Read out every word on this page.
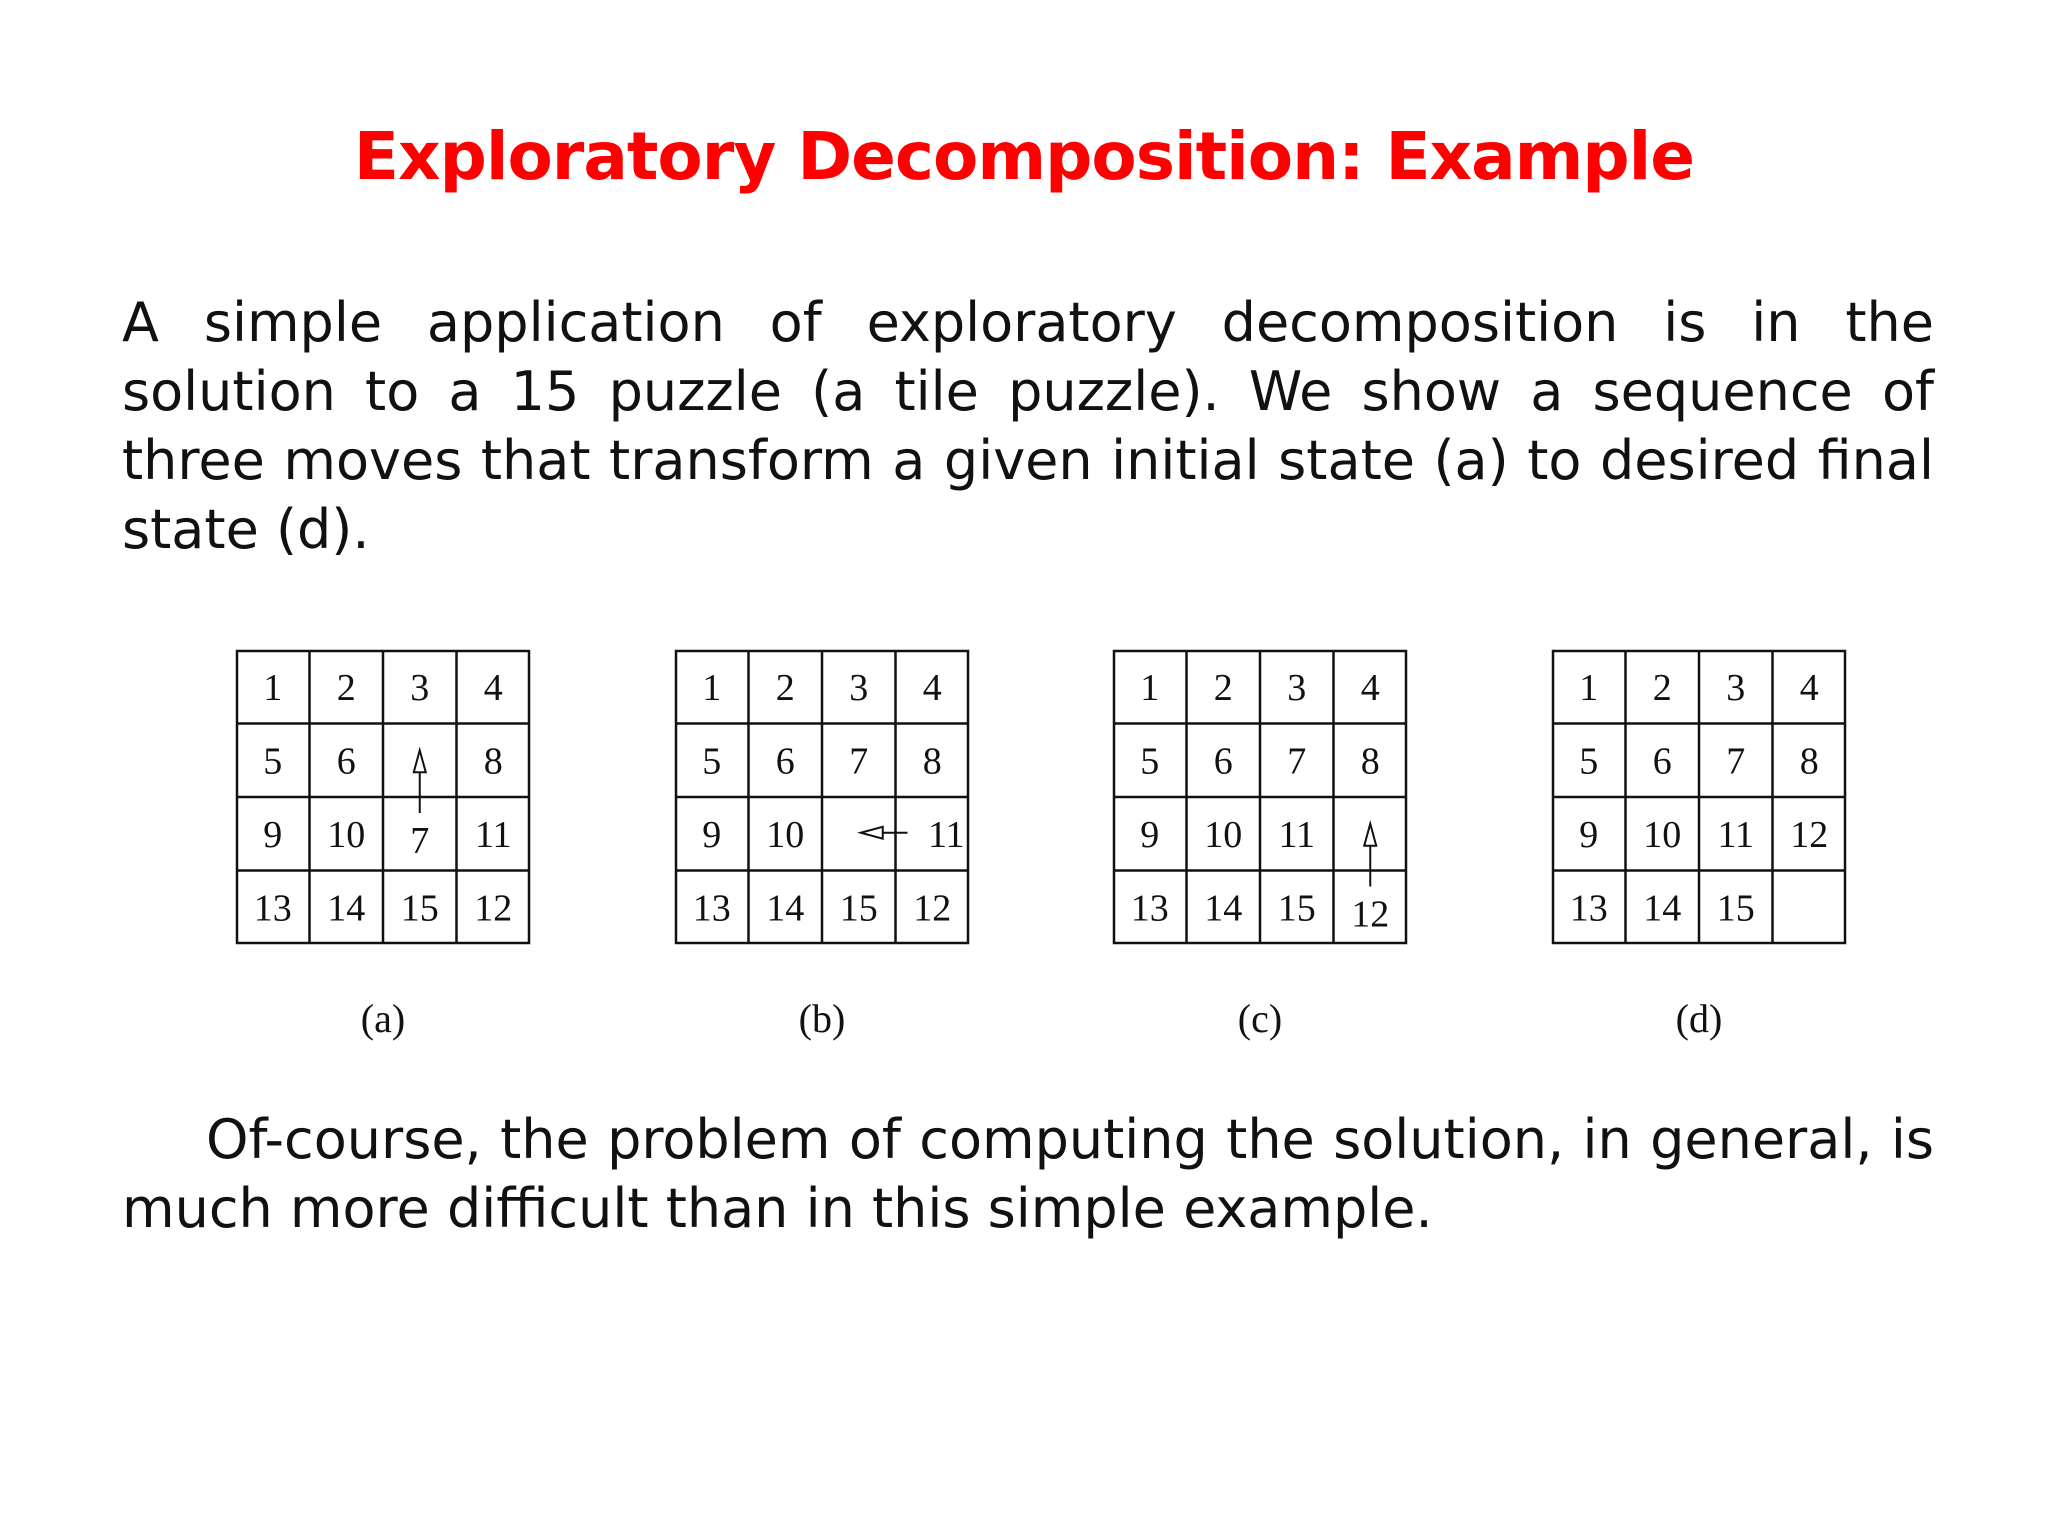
Exploratory Decomposition: Example
A simple application of exploratory decomposition is in the solution to a 15 puzzle (a tile puzzle). We show a sequence of three moves that transform a given initial state (a) to desired final state (d).
1 2 3 4
5 6	8
9 10 7 11
13 14 15 12
(a)
1 2 3 4
5 6 7 8
9 10	11
13 14 15 12
(b)
1 2 3 4
5 6 7 8
9 10 11
13 14 15 12
(c)
1 2 3 4
5 6 7 8
9 10 11 12
13 14 15
(d)
Of-course, the problem of computing the solution, in general, is much more difficult than in this simple example.
